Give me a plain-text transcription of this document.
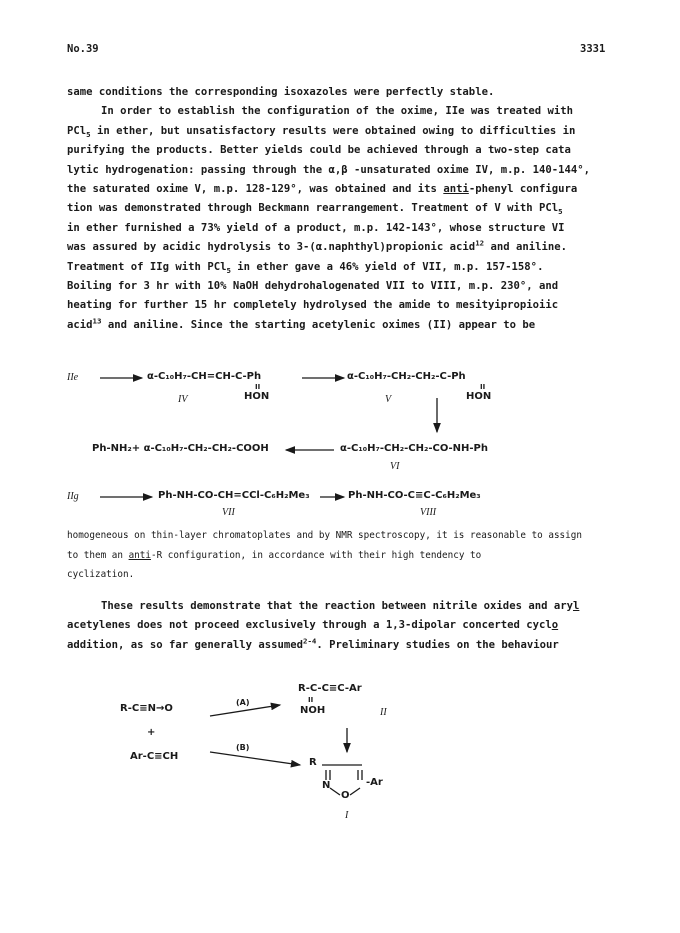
No.39	3331
same conditions the corresponding isoxazoles were perfectly stable.
In order to establish the configuration of the oxime, IIe was treated with
PCl$_5$ in ether, but unsatisfactory results were obtained owing to difficulties in
purifying the products. Better yields could be achieved through a two-step cata
lytic hydrogenation: passing through the α,β -unsaturated oxime IV, m.p. 140-144°,
the saturated oxime V, m.p. 128-129°, was obtained and its anti-phenyl configura
tion was demonstrated through Beckmann rearrangement. Treatment of V with PCl$_5$
in ether furnished a 73% yield of a product, m.p. 142-143°, whose structure VI
was assured by acidic hydrolysis to 3-(α.naphthyl)propionic acid$^{12}$ and aniline.
Treatment of IIg with PCl$_5$ in ether gave a 46% yield of VII, m.p. 157-158°.
Boiling for 3 hr with 10% NaOH dehydrohalogenated VII to VIII, m.p. 230°, and
heating for further 15 hr completely hydrolysed the amide to mesityipropioiic
acid$^{13}$ and aniline. Since the starting acetylenic oximes (II) appear to be
IIe	α-C₁₀H₇-CH=CH-C-Ph
II
HON
IV
α-C₁₀H₇-CH₂-CH₂-C-Ph
II
HON
V
Ph-NH₂+ α-C₁₀H₇-CH₂-CH₂-COOH	α-C₁₀H₇-CH₂-CH₂-CO-NH-Ph
VI
IIg	Ph-NH-CO-CH=CCl-C₆H₂Me₃
VII
Ph-NH-CO-C≡C-C₆H₂Me₃
VIII
homogeneous on thin-layer chromatoplates and by NMR spectroscopy, it is reasonable to assign
to them an anti-R configuration, in accordance with their high tendency to
cyclization.
These results demonstrate that the reaction between nitrile oxides and aryl
acetylenes does not proceed exclusively through a 1,3-dipolar concerted cyclo
addition, as so far generally assumed$^{2-4}$. Preliminary studies on the behaviour
R-C≡N→O
+
Ar-C≡CH
(A)
(B)
R-C-C≡C-Ar
II
NOH	II
R
-Ar
N
O
I
